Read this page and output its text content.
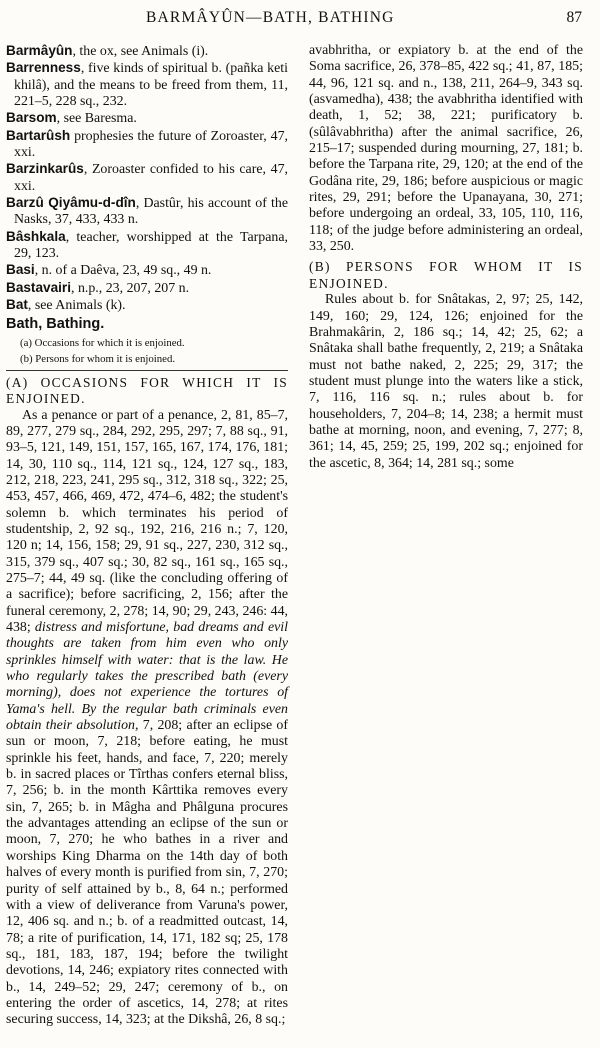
BARMÂYÛN—BATH, BATHING	87

Barmâyûn, the ox, see Animals (i).

Barrenness, five kinds of spiritual b. (pañka keti khilâ), and the means to be freed from them, 11, 221–5, 228 sq., 232.

Barsom, see Baresma.

Bartarûsh prophesies the future of Zoroaster, 47, xxi.

Barzinkarûs, Zoroaster confided to his care, 47, xxi.

Barzû Qiyâmu-d-dîn, Dastûr, his account of the Nasks, 37, 433, 433 n.

Bâshkala, teacher, worshipped at the Tarpana, 29, 123.

Basi, n. of a Daêva, 23, 49 sq., 49 n.

Bastavairi, n.p., 23, 207, 207 n.

Bat, see Animals (k).

Bath, Bathing.

(a) Occasions for which it is enjoined.

(b) Persons for whom it is enjoined.

(A) OCCASIONS FOR WHICH IT IS ENJOINED.

As a penance or part of a penance, 2, 81, 85–7, 89, 277, 279 sq., 284, 292, 295, 297; 7, 88 sq., 91, 93–5, 121, 149, 151, 157, 165, 167, 174, 176, 181; 14, 30, 110 sq., 114, 121 sq., 124, 127 sq., 183, 212, 218, 223, 241, 295 sq., 312, 318 sq., 322; 25, 453, 457, 466, 469, 472, 474–6, 482; the student's solemn b. which terminates his period of studentship, 2, 92 sq., 192, 216, 216 n.; 7, 120, 120 n; 14, 156, 158; 29, 91 sq., 227, 230, 312 sq., 315, 379 sq., 407 sq.; 30, 82 sq., 161 sq., 165 sq., 275–7; 44, 49 sq. (like the concluding offering of a sacrifice); before sacrificing, 2, 156; after the funeral ceremony, 2, 278; 14, 90; 29, 243, 246: 44, 438; distress and misfortune, bad dreams and evil thoughts are taken from him even who only sprinkles himself with water: that is the law. He who regularly takes the prescribed bath (every morning), does not experience the tortures of Yama's hell. By the regular bath criminals even obtain their absolution, 7, 208; after an eclipse of sun or moon, 7, 218; before eating, he must sprinkle his feet, hands, and face, 7, 220; merely b. in sacred places or Tîrthas confers eternal bliss, 7, 256; b. in the month Kârttika removes every sin, 7, 265; b. in Mâgha and Phâlguna procures the advantages attending an eclipse of the sun or moon, 7, 270; he who bathes in a river and worships King Dharma on the 14th day of both halves of every month is purified from sin, 7, 270; purity of self attained by b., 8, 64 n.; performed with a view of deliverance from Varuna's power, 12, 406 sq. and n.; b. of a readmitted outcast, 14, 78; a rite of purification, 14, 171, 182 sq; 25, 178 sq., 181, 183, 187, 194; before the twilight devotions, 14, 246; expiatory rites connected with b., 14, 249–52; 29, 247; ceremony of b., on entering the order of ascetics, 14, 278; at rites securing success, 14, 323; at the Dikshâ, 26, 8 sq.;

avabhritha, or expiatory b. at the end of the Soma sacrifice, 26, 378–85, 422 sq.; 41, 87, 185; 44, 96, 121 sq. and n., 138, 211, 264–9, 343 sq. (asvamedha), 438; the avabhritha identified with death, 1, 52; 38, 221; purificatory b. (sûlâvabhritha) after the animal sacrifice, 26, 215–17; suspended during mourning, 27, 181; b. before the Tarpana rite, 29, 120; at the end of the Godâna rite, 29, 186; before auspicious or magic rites, 29, 291; before the Upanayana, 30, 271; before undergoing an ordeal, 33, 105, 110, 116, 118; of the judge before administering an ordeal, 33, 250.

(B) PERSONS FOR WHOM IT IS ENJOINED.

Rules about b. for Snâtakas, 2, 97; 25, 142, 149, 160; 29, 124, 126; enjoined for the Brahmakârin, 2, 186 sq.; 14, 42; 25, 62; a Snâtaka shall bathe frequently, 2, 219; a Snâtaka must not bathe naked, 2, 225; 29, 317; the student must plunge into the waters like a stick, 7, 116, 116 sq. n.; rules about b. for householders, 7, 204–8; 14, 238; a hermit must bathe at morning, noon, and evening, 7, 277; 8, 361; 14, 45, 259; 25, 199, 202 sq.; enjoined for the ascetic, 8, 364; 14, 281 sq.; some
